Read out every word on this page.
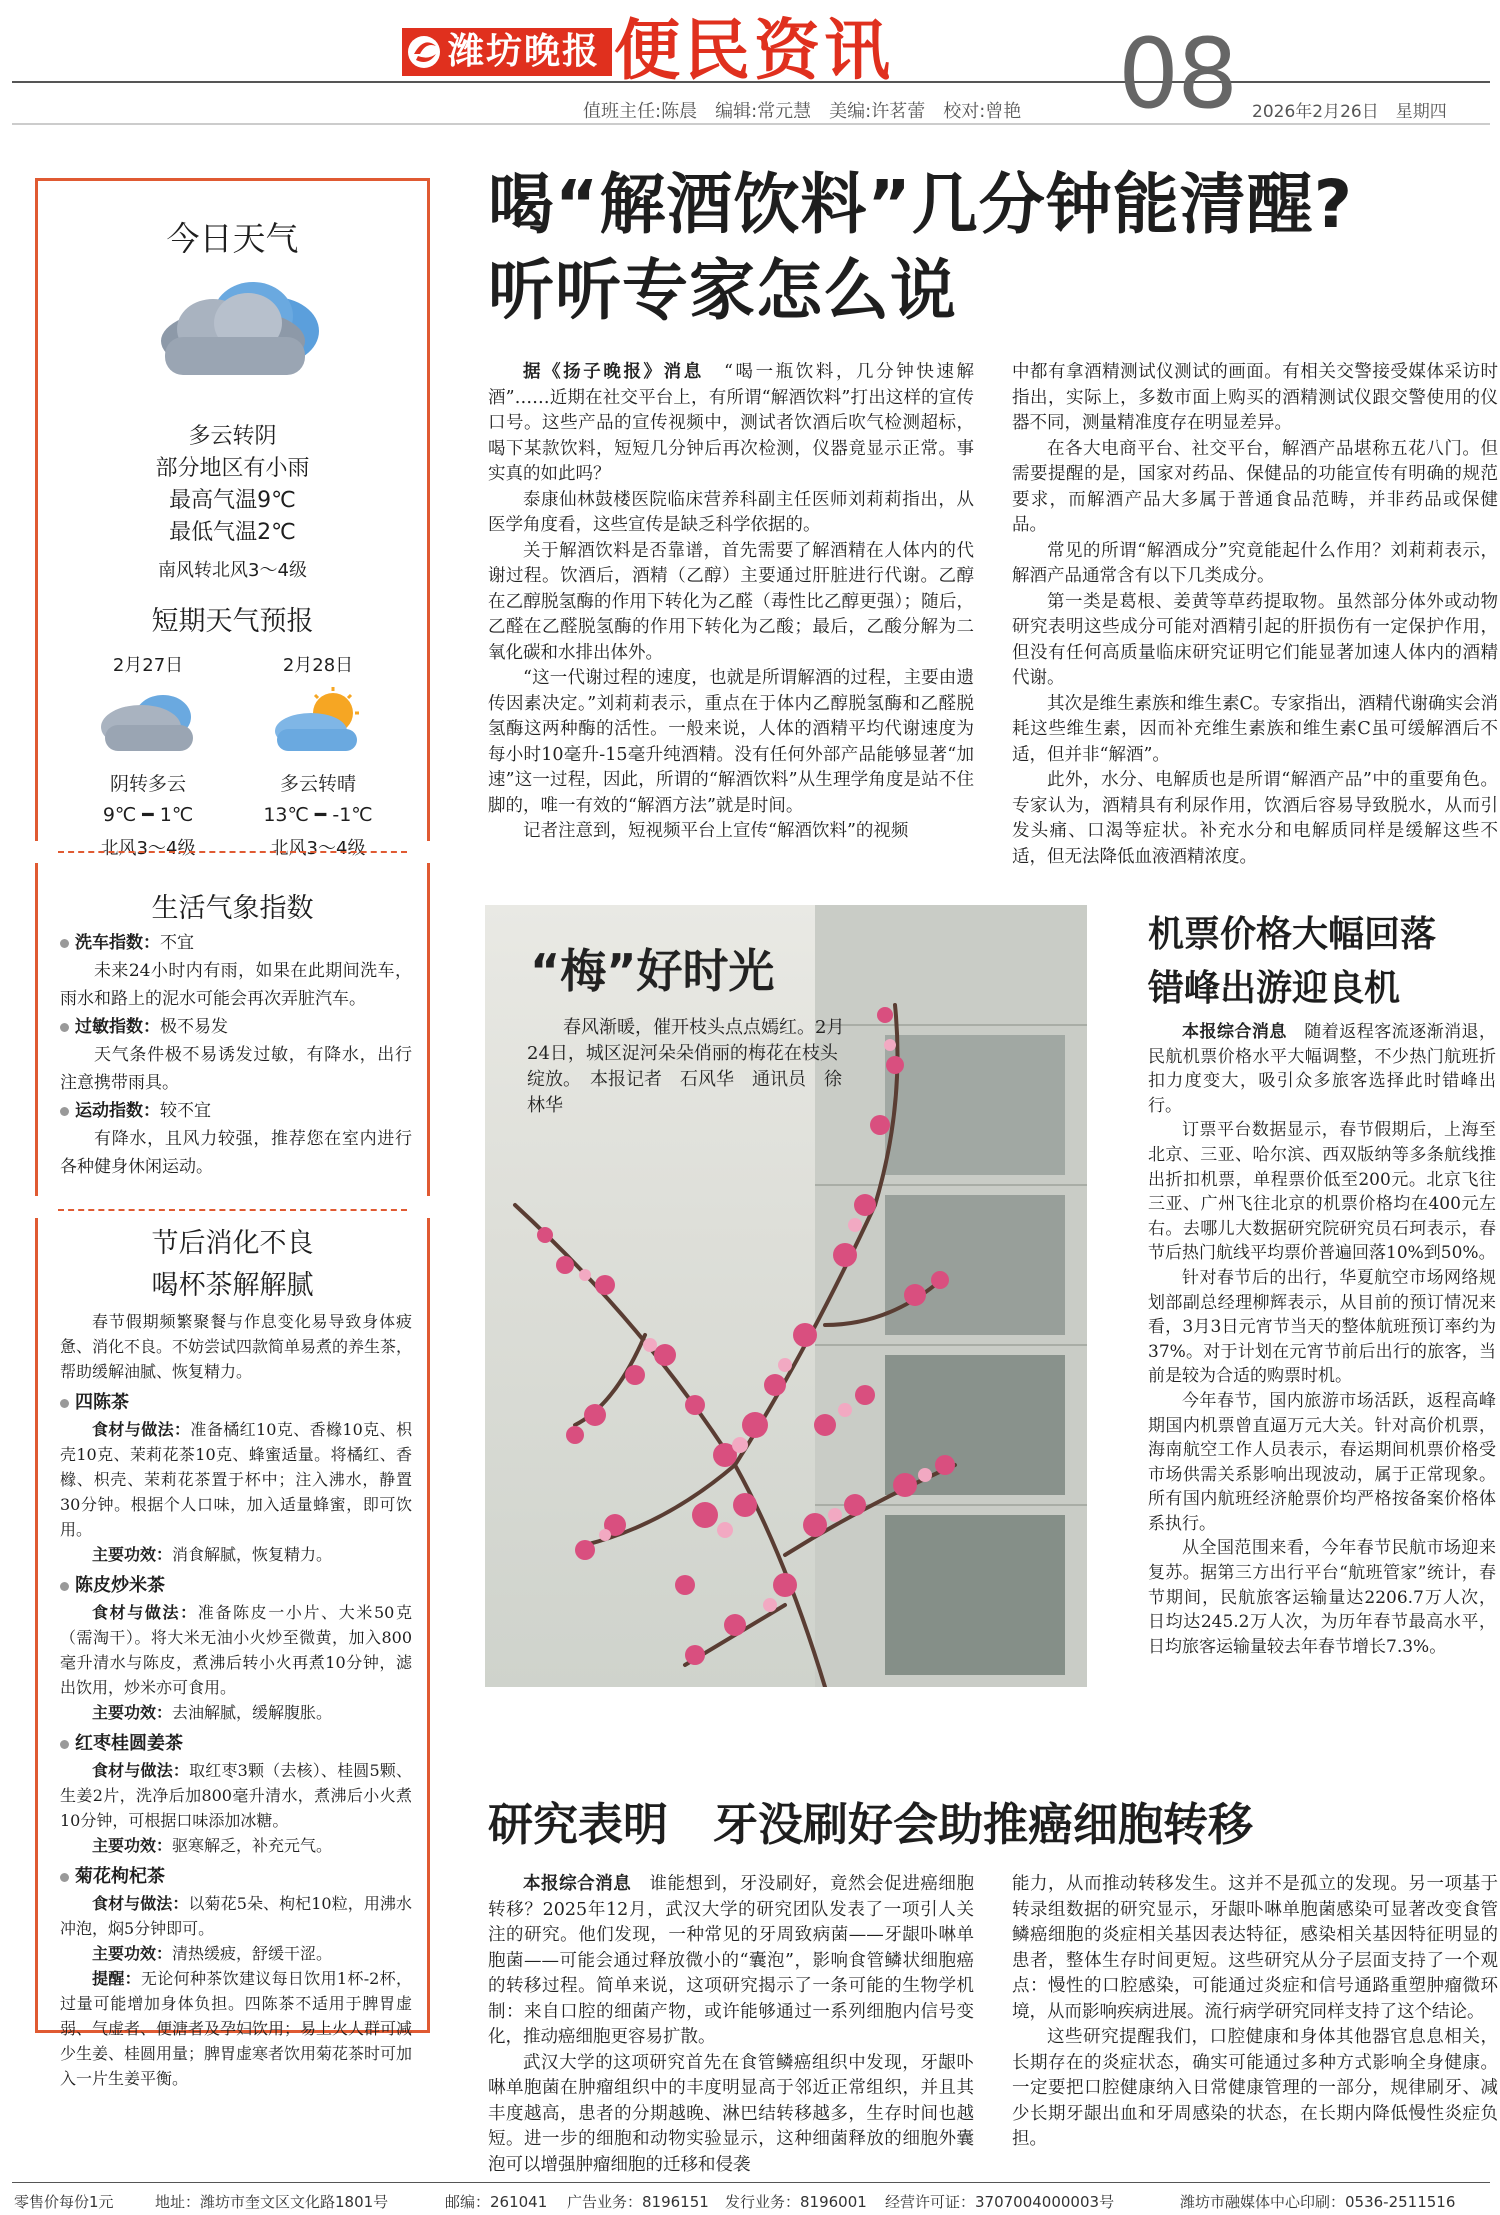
潍坊晚报 便民资讯 08
值班主任:陈晨　编辑:常元慧　美编:许茗蕾　校对:曾艳	2026年2月26日　星期四
今日天气
多云转阴
部分地区有小雨
最高气温9℃
最低气温2℃
南风转北风3～4级
短期天气预报
2月27日
阴转多云
9℃ ━ 1℃
北风3～4级
2月28日
多云转晴
13℃ ━ -1℃
北风3～4级
生活气象指数
洗车指数：不宜
未来24小时内有雨，如果在此期间洗车，雨水和路上的泥水可能会再次弄脏汽车。
过敏指数：极不易发
天气条件极不易诱发过敏，有降水，出行注意携带雨具。
运动指数：较不宜
有降水，且风力较强，推荐您在室内进行各种健身休闲运动。
节后消化不良
喝杯茶解解腻

春节假期频繁聚餐与作息变化易导致身体疲惫、消化不良。不妨尝试四款简单易煮的养生茶，帮助缓解油腻、恢复精力。

四陈茶

食材与做法：准备橘红10克、香橼10克、枳壳10克、茉莉花茶10克、蜂蜜适量。将橘红、香橼、枳壳、茉莉花茶置于杯中；注入沸水，静置30分钟。根据个人口味，加入适量蜂蜜，即可饮用。

主要功效：消食解腻，恢复精力。

陈皮炒米茶

食材与做法：准备陈皮一小片、大米50克（需淘干）。将大米无油小火炒至微黄，加入800毫升清水与陈皮，煮沸后转小火再煮10分钟，滤出饮用，炒米亦可食用。

主要功效：去油解腻，缓解腹胀。

红枣桂圆姜茶

食材与做法：取红枣3颗（去核）、桂圆5颗、生姜2片，洗净后加800毫升清水，煮沸后小火煮10分钟，可根据口味添加冰糖。

主要功效：驱寒解乏，补充元气。

菊花枸杞茶

食材与做法：以菊花5朵、枸杞10粒，用沸水冲泡，焖5分钟即可。

主要功效：清热缓疲，舒缓干涩。

提醒：无论何种茶饮建议每日饮用1杯-2杯，过量可能增加身体负担。四陈茶不适用于脾胃虚弱、气虚者、便溏者及孕妇饮用；易上火人群可减少生姜、桂圆用量；脾胃虚寒者饮用菊花茶时可加入一片生姜平衡。

喝“解酒饮料”几分钟能清醒?
听听专家怎么说

据《扬子晚报》消息　 “喝一瓶饮料，几分钟快速解酒”……近期在社交平台上，有所谓“解酒饮料”打出这样的宣传口号。这些产品的宣传视频中，测试者饮酒后吹气检测超标，喝下某款饮料，短短几分钟后再次检测，仪器竟显示正常。事实真的如此吗？

泰康仙林鼓楼医院临床营养科副主任医师刘莉莉指出，从医学角度看，这些宣传是缺乏科学依据的。

关于解酒饮料是否靠谱，首先需要了解酒精在人体内的代谢过程。饮酒后，酒精（乙醇）主要通过肝脏进行代谢。乙醇在乙醇脱氢酶的作用下转化为乙醛（毒性比乙醇更强）；随后，乙醛在乙醛脱氢酶的作用下转化为乙酸；最后，乙酸分解为二氧化碳和水排出体外。

“这一代谢过程的速度，也就是所谓解酒的过程，主要由遗传因素决定。”刘莉莉表示，重点在于体内乙醇脱氢酶和乙醛脱氢酶这两种酶的活性。一般来说，人体的酒精平均代谢速度为每小时10毫升-15毫升纯酒精。没有任何外部产品能够显著“加速”这一过程，因此，所谓的“解酒饮料”从生理学角度是站不住脚的，唯一有效的“解酒方法”就是时间。

记者注意到，短视频平台上宣传“解酒饮料”的视频

中都有拿酒精测试仪测试的画面。有相关交警接受媒体采访时指出，实际上，多数市面上购买的酒精测试仪跟交警使用的仪器不同，测量精准度存在明显差异。

在各大电商平台、社交平台，解酒产品堪称五花八门。但需要提醒的是，国家对药品、保健品的功能宣传有明确的规范要求，而解酒产品大多属于普通食品范畴，并非药品或保健品。

常见的所谓“解酒成分”究竟能起什么作用？刘莉莉表示，解酒产品通常含有以下几类成分。

第一类是葛根、姜黄等草药提取物。虽然部分体外或动物研究表明这些成分可能对酒精引起的肝损伤有一定保护作用，但没有任何高质量临床研究证明它们能显著加速人体内的酒精代谢。

其次是维生素族和维生素C。专家指出，酒精代谢确实会消耗这些维生素，因而补充维生素族和维生素C虽可缓解酒后不适，但并非“解酒”。

此外，水分、电解质也是所谓“解酒产品”中的重要角色。专家认为，酒精具有利尿作用，饮酒后容易导致脱水，从而引发头痛、口渴等症状。补充水分和电解质同样是缓解这些不适，但无法降低血液酒精浓度。

“梅”好时光
春风渐暖，催开枝头点点嫣红。2月24日，城区浞河朵朵俏丽的梅花在枝头绽放。　本报记者　石风华　通讯员　徐林华
机票价格大幅回落
错峰出游迎良机

本报综合消息　 随着返程客流逐渐消退，民航机票价格水平大幅调整，不少热门航班折扣力度变大，吸引众多旅客选择此时错峰出行。

订票平台数据显示，春节假期后，上海至北京、三亚、哈尔滨、西双版纳等多条航线推出折扣机票，单程票价低至200元。北京飞往三亚、广州飞往北京的机票价格均在400元左右。去哪儿大数据研究院研究员石珂表示，春节后热门航线平均票价普遍回落10%到50%。

针对春节后的出行，华夏航空市场网络规划部副总经理柳辉表示，从目前的预订情况来看，3月3日元宵节当天的整体航班预订率约为37%。对于计划在元宵节前后出行的旅客，当前是较为合适的购票时机。

今年春节，国内旅游市场活跃，返程高峰期国内机票曾直逼万元大关。针对高价机票，海南航空工作人员表示，春运期间机票价格受市场供需关系影响出现波动，属于正常现象。所有国内航班经济舱票价均严格按备案价格体系执行。

从全国范围来看，今年春节民航市场迎来复苏。据第三方出行平台“航班管家”统计，春节期间，民航旅客运输量达2206.7万人次，日均达245.2万人次，为历年春节最高水平，日均旅客运输量较去年春节增长7.3%。

研究表明　牙没刷好会助推癌细胞转移

本报综合消息　 谁能想到，牙没刷好，竟然会促进癌细胞转移？2025年12月，武汉大学的研究团队发表了一项引人关注的研究。他们发现，一种常见的牙周致病菌——牙龈卟啉单胞菌——可能会通过释放微小的“囊泡”，影响食管鳞状细胞癌的转移过程。简单来说，这项研究揭示了一条可能的生物学机制：来自口腔的细菌产物，或许能够通过一系列细胞内信号变化，推动癌细胞更容易扩散。

武汉大学的这项研究首先在食管鳞癌组织中发现，牙龈卟啉单胞菌在肿瘤组织中的丰度明显高于邻近正常组织，并且其丰度越高，患者的分期越晚、淋巴结转移越多，生存时间也越短。进一步的细胞和动物实验显示，这种细菌释放的细胞外囊泡可以增强肿瘤细胞的迁移和侵袭

能力，从而推动转移发生。这并不是孤立的发现。另一项基于转录组数据的研究显示，牙龈卟啉单胞菌感染可显著改变食管鳞癌细胞的炎症相关基因表达特征，感染相关基因特征明显的患者，整体生存时间更短。这些研究从分子层面支持了一个观点：慢性的口腔感染，可能通过炎症和信号通路重塑肿瘤微环境，从而影响疾病进展。流行病学研究同样支持了这个结论。

这些研究提醒我们，口腔健康和身体其他器官息息相关，长期存在的炎症状态，确实可能通过多种方式影响全身健康。一定要把口腔健康纳入日常健康管理的一部分，规律刷牙、减少长期牙龈出血和牙周感染的状态，在长期内降低慢性炎症负担。

零售价每份1元	地址：潍坊市奎文区文化路1801号	邮编：261041 广告业务：8196151 发行业务：8196001 经营许可证：3707004000003号	潍坊市融媒体中心印刷：0536-2511516
